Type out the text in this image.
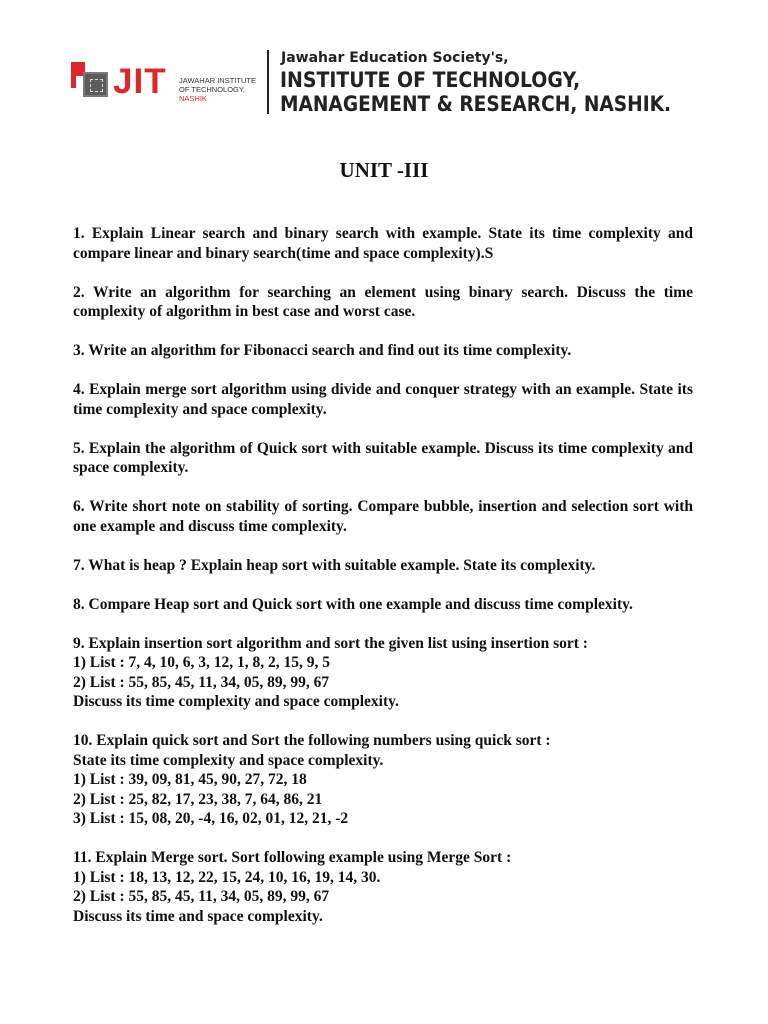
JIT JAWAHAR INSTITUTE
OF TECHNOLOGY, NASHIK
Jawahar Education Society's,
INSTITUTE OF TECHNOLOGY,
MANAGEMENT & RESEARCH, NASHIK.
UNIT -III

1. Explain Linear search and binary search with example. State its time complexity and compare linear and binary search(time and space complexity).S

2. Write an algorithm for searching an element using binary search. Discuss the time complexity of algorithm in best case and worst case.

3. Write an algorithm for Fibonacci search and find out its time complexity.

4. Explain merge sort algorithm using divide and conquer strategy with an example. State its time complexity and space complexity.

5. Explain the algorithm of Quick sort with suitable example. Discuss its time complexity and space complexity.

6. Write short note on stability of sorting. Compare bubble, insertion and selection sort with one example and discuss time complexity.

7. What is heap ? Explain heap sort with suitable example. State its complexity.

8. Compare Heap sort and Quick sort with one example and discuss time complexity.

9. Explain insertion sort algorithm and sort the given list using insertion sort :
1) List : 7, 4, 10, 6, 3, 12, 1, 8, 2, 15, 9, 5
2) List : 55, 85, 45, 11, 34, 05, 89, 99, 67
Discuss its time complexity and space complexity.
10. Explain quick sort and Sort the following numbers using quick sort :
State its time complexity and space complexity.
1) List : 39, 09, 81, 45, 90, 27, 72, 18
2) List : 25, 82, 17, 23, 38, 7, 64, 86, 21
3) List : 15, 08, 20, -4, 16, 02, 01, 12, 21, -2
11. Explain Merge sort. Sort following example using Merge Sort :
1) List : 18, 13, 12, 22, 15, 24, 10, 16, 19, 14, 30.
2) List : 55, 85, 45, 11, 34, 05, 89, 99, 67
Discuss its time and space complexity.
